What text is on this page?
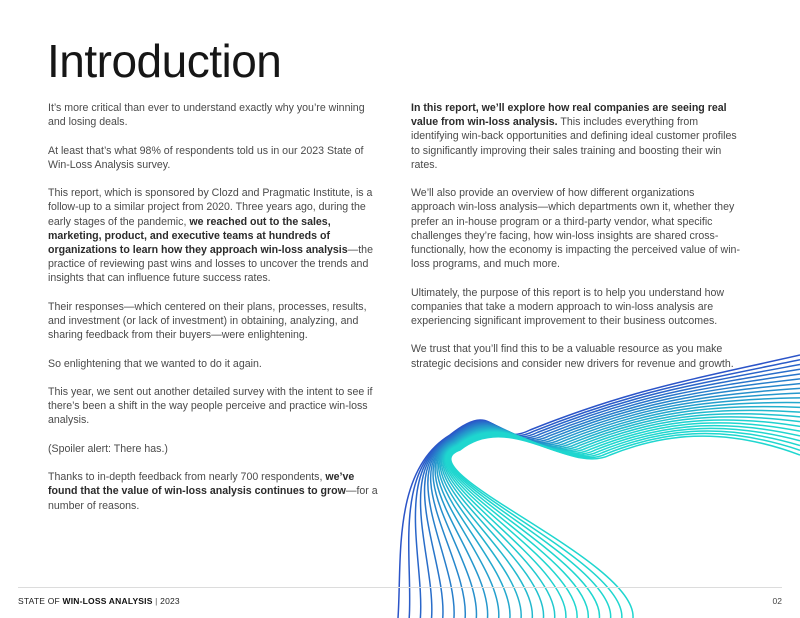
Introduction

It’s more critical than ever to understand exactly why you’re winning and losing deals.

At least that’s what 98% of respondents told us in our 2023 State of Win-Loss Analysis survey.

This report, which is sponsored by Clozd and Pragmatic Institute, is a follow-up to a similar project from 2020. Three years ago, during the early stages of the pandemic, we reached out to the sales, marketing, product, and executive teams at hundreds of organizations to learn how they approach win-loss analysis—the practice of reviewing past wins and losses to uncover the trends and insights that can influence future success rates.

Their responses—which centered on their plans, processes, results, and investment (or lack of investment) in obtaining, analyzing, and sharing feedback from their buyers—were enlightening.

So enlightening that we wanted to do it again.

This year, we sent out another detailed survey with the intent to see if there’s been a shift in the way people perceive and practice win-loss analysis.

(Spoiler alert: There has.)

Thanks to in-depth feedback from nearly 700 respondents, we’ve found that the value of win-loss analysis continues to grow—for a number of reasons.

In this report, we’ll explore how real companies are seeing real value from win-loss analysis. This includes everything from identifying win-back opportunities and defining ideal customer profiles to significantly improving their sales training and boosting their win rates.

We’ll also provide an overview of how different organizations approach win-loss analysis—which departments own it, whether they prefer an in-house program or a third-party vendor, what specific challenges they’re facing, how win-loss insights are shared cross-functionally, how the economy is impacting the perceived value of win-loss programs, and much more.

Ultimately, the purpose of this report is to help you understand how companies that take a modern approach to win-loss analysis are experiencing significant improvement to their business outcomes.

We trust that you’ll find this to be a valuable resource as you make strategic decisions and consider new drivers for revenue and growth.

STATE OF WIN-LOSS ANALYSIS | 2023	02
